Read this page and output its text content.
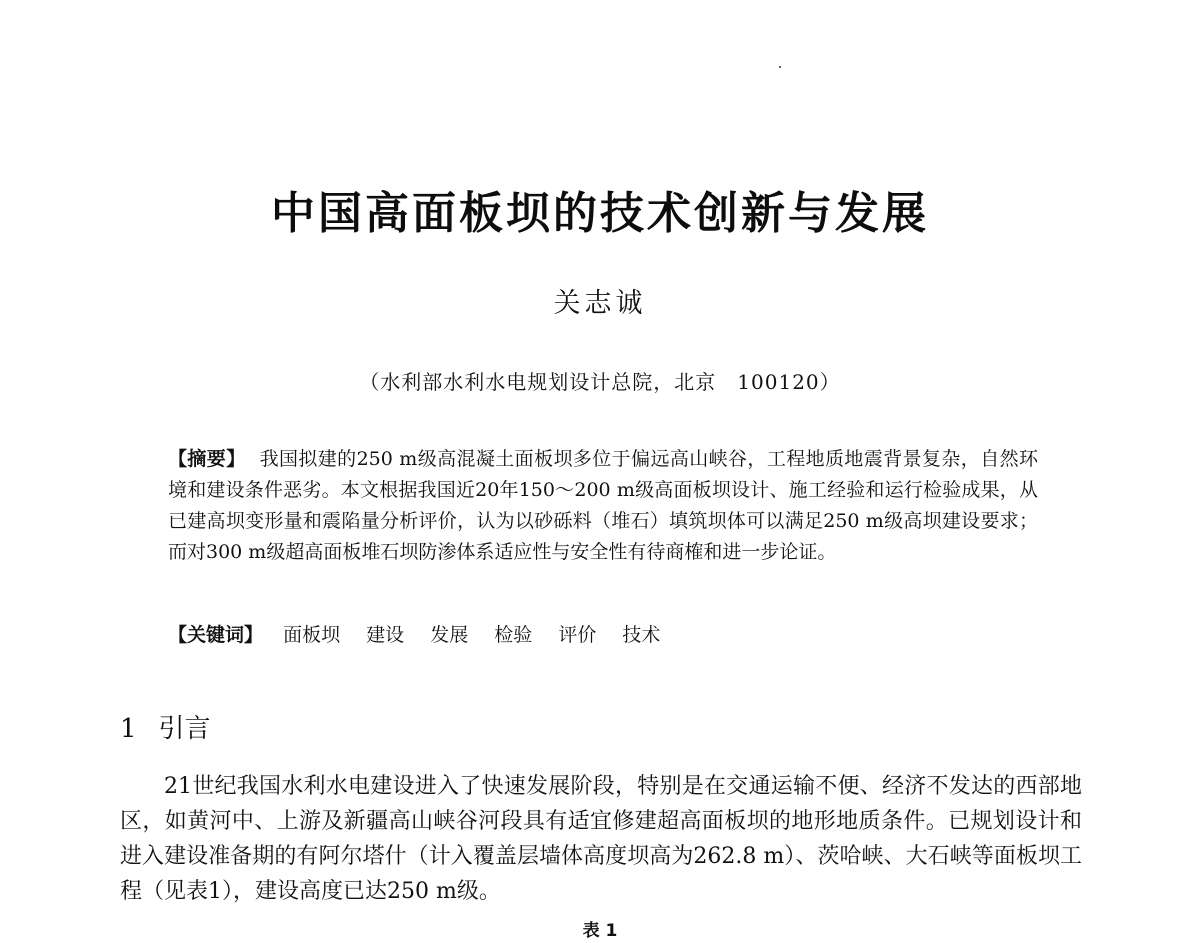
中国高面板坝的技术创新与发展
关志诚
（水利部水利水电规划设计总院，北京　100120）
【摘要】 我国拟建的250 m级高混凝土面板坝多位于偏远高山峡谷，工程地质地震背景复杂，自然环境和建设条件恶劣。本文根据我国近20年150～200 m级高面板坝设计、施工经验和运行检验成果，从已建高坝变形量和震陷量分析评价，认为以砂砾料（堆石）填筑坝体可以满足250 m级高坝建设要求；而对300 m级超高面板堆石坝防渗体系适应性与安全性有待商榷和进一步论证。
【关键词】 面板坝 建设 发展 检验 评价 技术
1 引言

21世纪我国水利水电建设进入了快速发展阶段，特别是在交通运输不便、经济不发达的西部地区，如黄河中、上游及新疆高山峡谷河段具有适宜修建超高面板坝的地形地质条件。已规划设计和进入建设准备期的有阿尔塔什（计入覆盖层墙体高度坝高为262.8 m）、茨哈峡、大石峡等面板坝工程（见表1），建设高度已达250 m级。

表 1
